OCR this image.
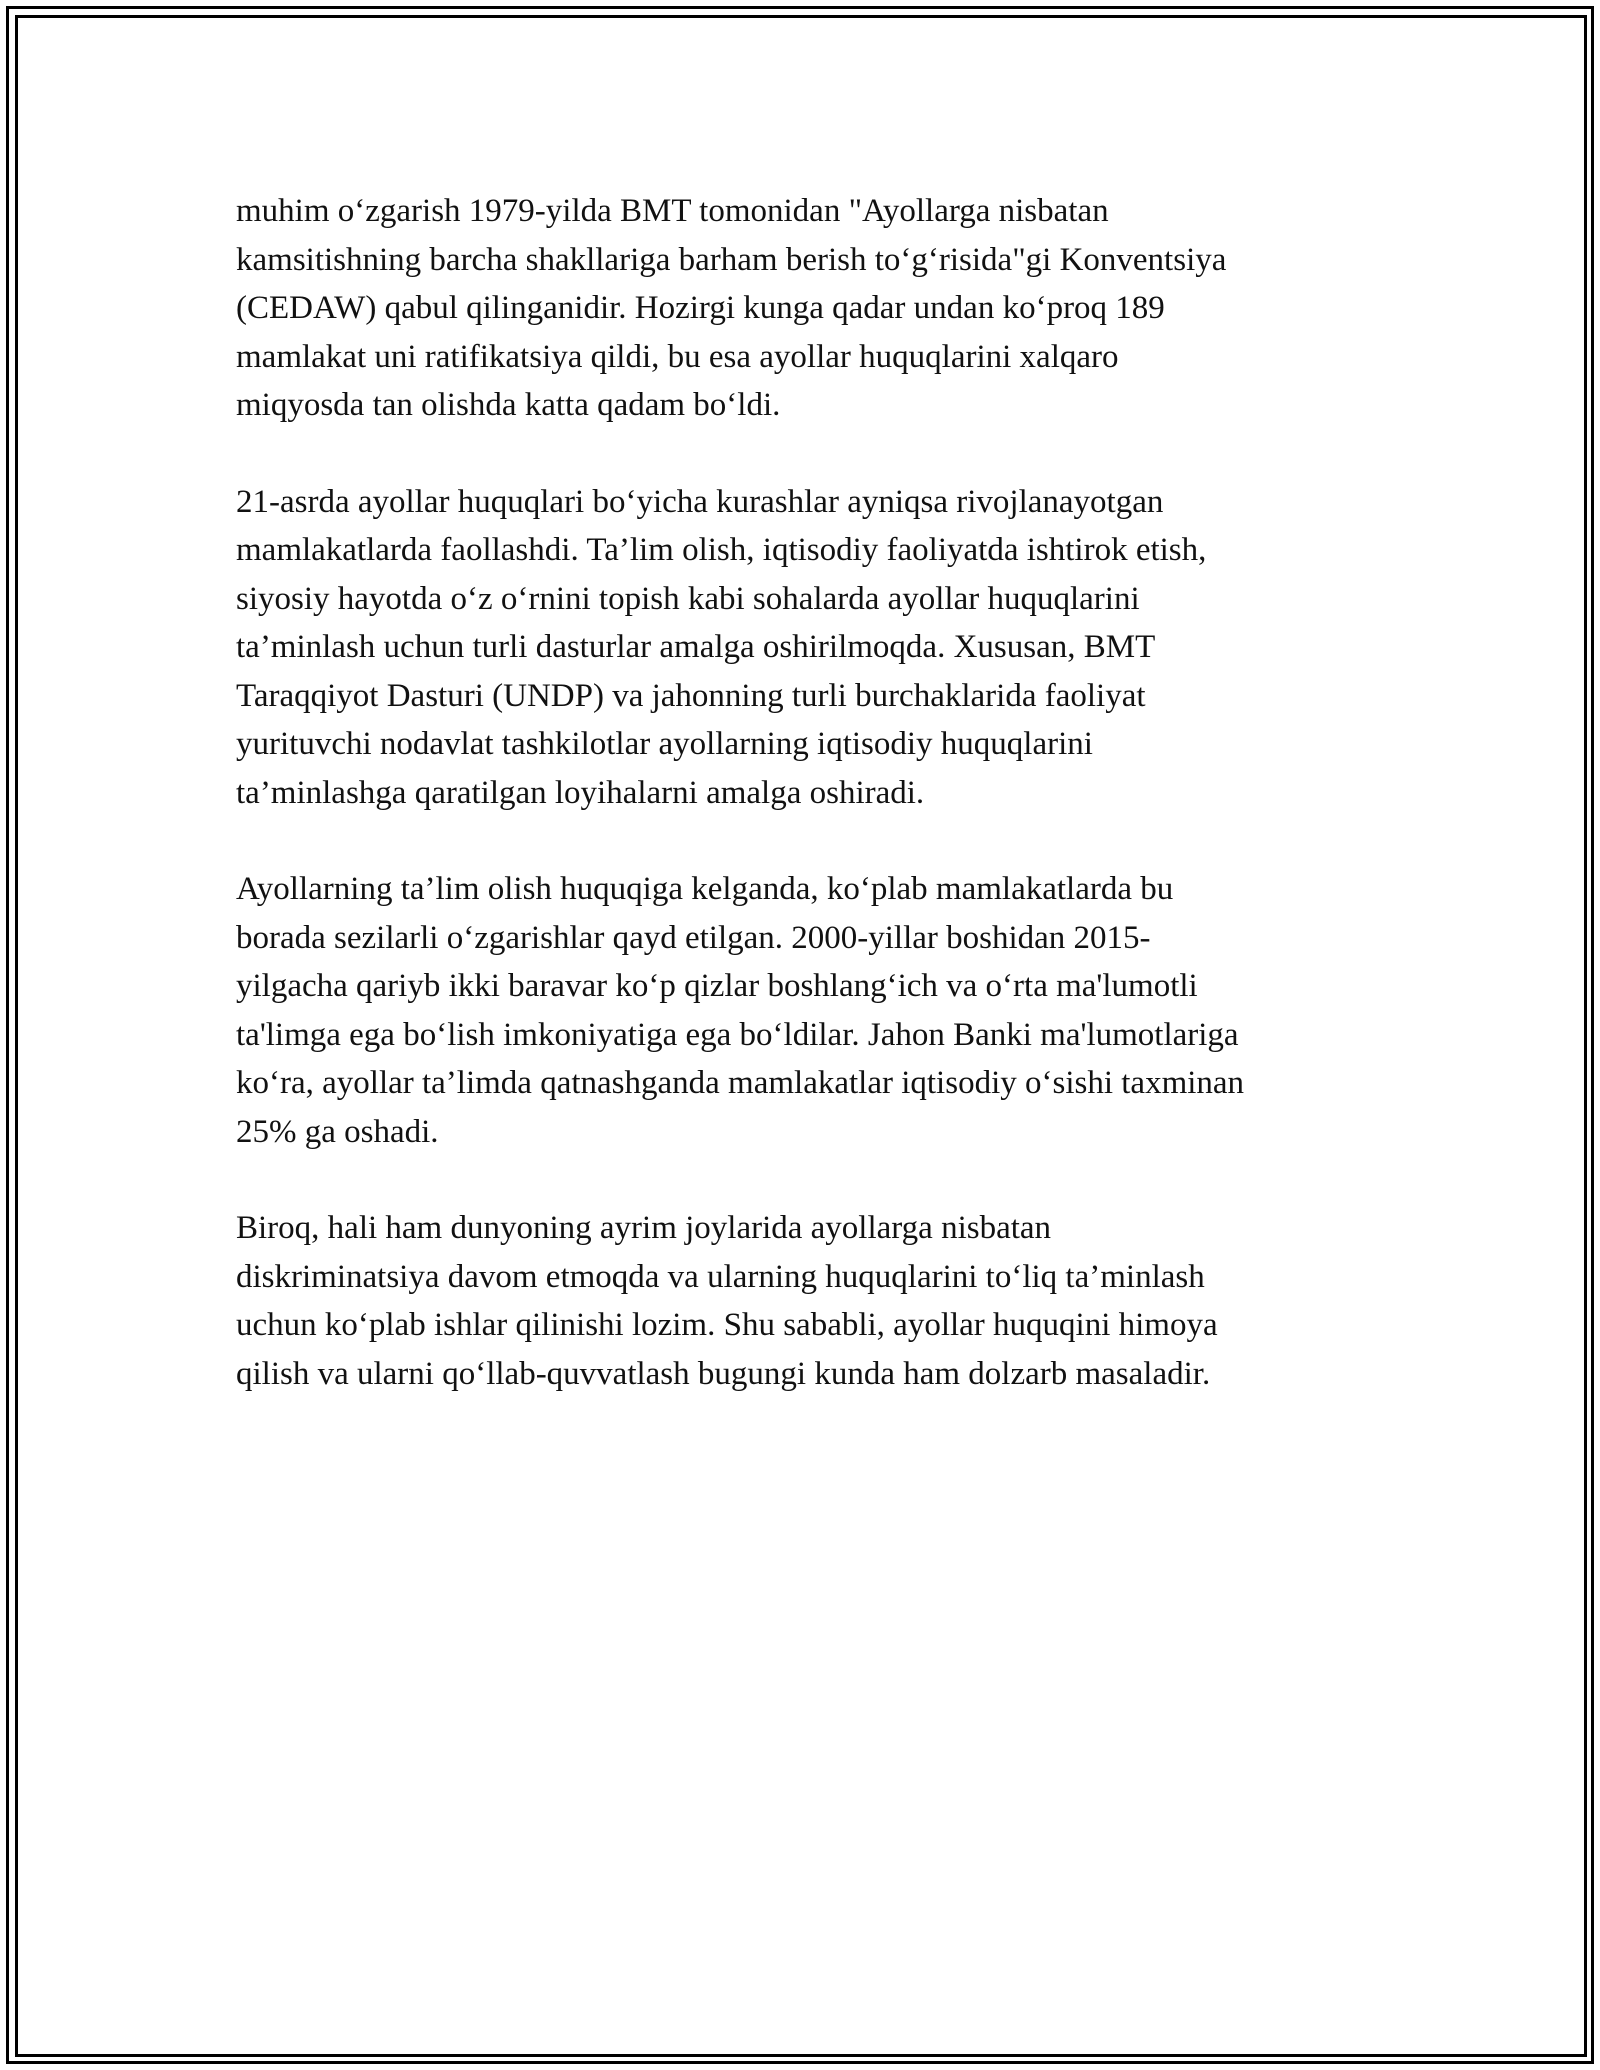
muhim o‘zgarish 1979-yilda BMT tomonidan "Ayollarga nisbatan
kamsitishning barcha shakllariga barham berish to‘g‘risida"gi Konventsiya
(CEDAW) qabul qilinganidir. Hozirgi kunga qadar undan ko‘proq 189
mamlakat uni ratifikatsiya qildi, bu esa ayollar huquqlarini xalqaro
miqyosda tan olishda katta qadam bo‘ldi.

21-asrda ayollar huquqlari bo‘yicha kurashlar ayniqsa rivojlanayotgan
mamlakatlarda faollashdi. Ta’lim olish, iqtisodiy faoliyatda ishtirok etish,
siyosiy hayotda o‘z o‘rnini topish kabi sohalarda ayollar huquqlarini
ta’minlash uchun turli dasturlar amalga oshirilmoqda. Xususan, BMT
Taraqqiyot Dasturi (UNDP) va jahonning turli burchaklarida faoliyat
yurituvchi nodavlat tashkilotlar ayollarning iqtisodiy huquqlarini
ta’minlashga qaratilgan loyihalarni amalga oshiradi.

Ayollarning ta’lim olish huquqiga kelganda, ko‘plab mamlakatlarda bu
borada sezilarli o‘zgarishlar qayd etilgan. 2000-yillar boshidan 2015-
yilgacha qariyb ikki baravar ko‘p qizlar boshlang‘ich va o‘rta ma'lumotli
ta'limga ega bo‘lish imkoniyatiga ega bo‘ldilar. Jahon Banki ma'lumotlariga
ko‘ra, ayollar ta’limda qatnashganda mamlakatlar iqtisodiy o‘sishi taxminan
25% ga oshadi.

Biroq, hali ham dunyoning ayrim joylarida ayollarga nisbatan
diskriminatsiya davom etmoqda va ularning huquqlarini to‘liq ta’minlash
uchun ko‘plab ishlar qilinishi lozim. Shu sababli, ayollar huquqini himoya
qilish va ularni qo‘llab-quvvatlash bugungi kunda ham dolzarb masaladir.
